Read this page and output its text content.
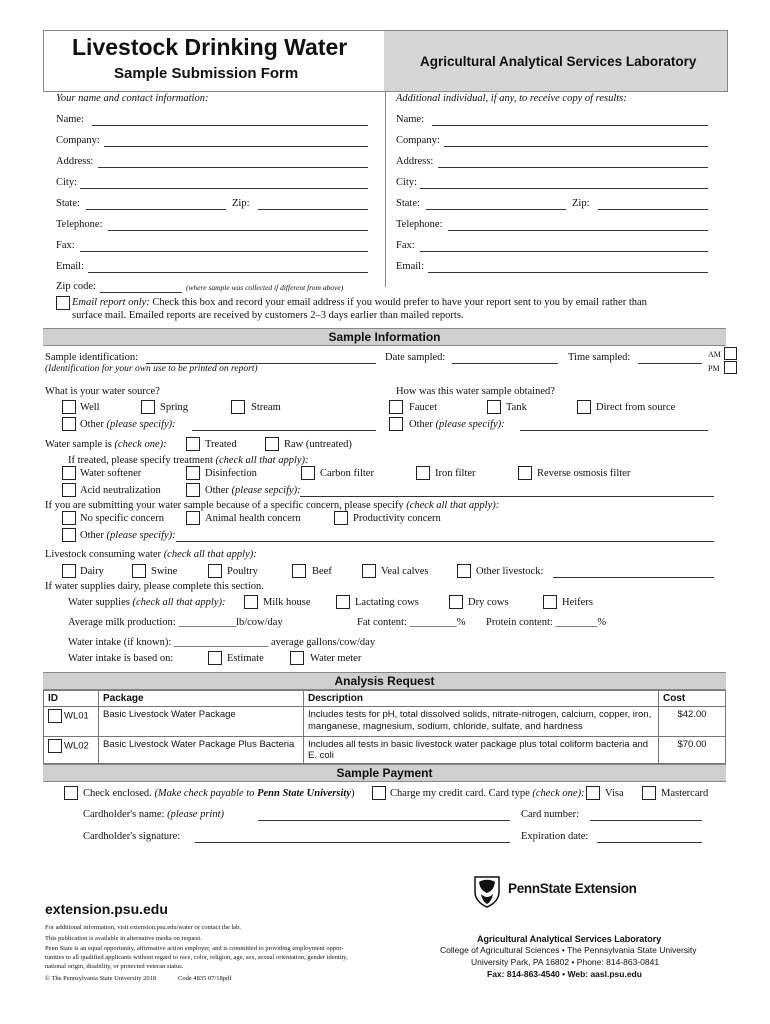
Livestock Drinking Water
Sample Submission Form
Agricultural Analytical Services Laboratory
Your name and contact information:	Additional individual, if any, to receive copy of results:
Name:
Company:
Address:
City:
State:	Zip:
Telephone:
Fax:
Email:
Name:
Company:
Address:
City:
State:	Zip:
Telephone:
Fax:
Email:
Zip code:	(where sample was collected if different from above)
Email report only: Check this box and record your email address if you would prefer to have your report sent to you by email rather than
surface mail. Emailed reports are received by customers 2–3 days earlier than mailed reports.
Sample Information
Sample identification:
(Identification for your own use to be printed on report)
Date sampled:	Time sampled:	AM
PM
What is your water source?
Well	Spring	Stream
Other (please specify):
How was this water sample obtained?
Faucet	Tank	Direct from source
Other (please specify):
Water sample is (check one):	Treated	Raw (untreated)
If treated, please specify treatment (check all that apply):
Water softener	Disinfection	Carbon filter	Iron filter	Reverse osmosis filter
Acid neutralization	Other (please sepcify):
If you are submitting your water sample because of a specific concern, please specify (check all that apply):
No specific concern	Animal health concern	Productivity concern
Other (please specify):
Livestock consuming water (check all that apply):
Dairy	Swine	Poultry	Beef	Veal calves	Other livestock:
If water supplies dairy, please complete this section.
Water supplies (check all that apply):	Milk house	Lactating cows	Dry cows	Heifers
Average milk production: ___________lb/cow/day	Fat content: _________% Protein content: ________%
Water intake (if known): __________________ average gallons/cow/day
Water intake is based on:	Estimate	Water meter
Analysis Request
ID	Package	Description	Cost
WL01	Basic Livestock Water Package	Includes tests for pH, total dissolved solids, nitrate-nitrogen, calcium, copper, iron, manganese, magnesium, sodium, chloride, sulfate, and hardness	$42.00
WL02	Basic Livestock Water Package Plus Bacteria	Includes all tests in basic livestock water package plus total coliform bacteria and E. coli	$70.00
Sample Payment
Check enclosed. (Make check payable to Penn State University)	Charge my credit card. Card type (check one): Visa	Mastercard
Cardholder's name: (please print)	Card number:
Cardholder's signature:	Expiration date:
PennState Extension
extension.psu.edu
For additional information, visit extension.psu.edu/water or contact the lab.
This publication is available in alternative media on request.
Penn State is an equal opportunity, affirmative action employer, and is committed to providing employment oppor-
tunities to all qualified applicants without regard to race, color, religion, age, sex, sexual orientation, gender identity,
national origin, disability, or protected veteran status.
© The Pennsylvania State University 2018	Code 4835 07/18pdf
Agricultural Analytical Services Laboratory
College of Agricultural Sciences • The Pennsylvania State University
University Park, PA 16802 • Phone: 814-863-0841
Fax: 814-863-4540 • Web: aasl.psu.edu
